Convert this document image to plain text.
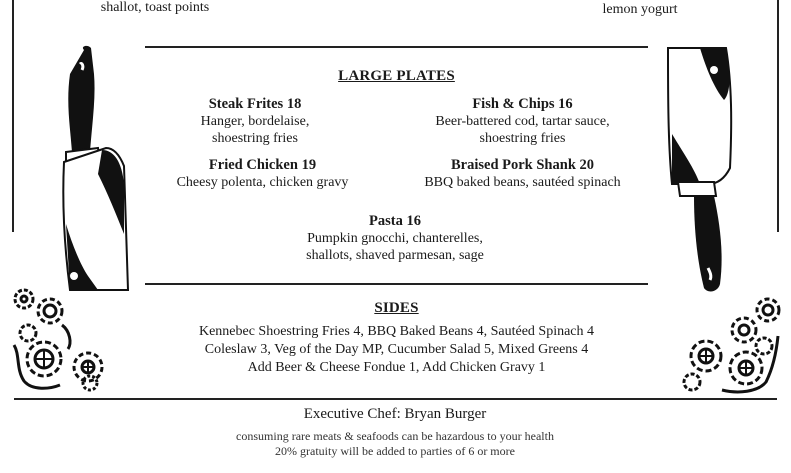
shallot, toast points	lemon yogurt
LARGE PLATES
Steak Frites 18
Hanger, bordelaise,
shoestring fries
Fish & Chips 16
Beer-battered cod, tartar sauce,
shoestring fries
Fried Chicken 19
Cheesy polenta, chicken gravy
Braised Pork Shank 20
BBQ baked beans, sautéed spinach
Pasta 16
Pumpkin gnocchi, chanterelles,
shallots, shaved parmesan, sage
SIDES
Kennebec Shoestring Fries 4, BBQ Baked Beans 4, Sautéed Spinach 4
Coleslaw 3, Veg of the Day MP, Cucumber Salad 5, Mixed Greens 4
Add Beer & Cheese Fondue 1, Add Chicken Gravy 1
Executive Chef: Bryan Burger
consuming rare meats & seafoods can be hazardous to your health
20% gratuity will be added to parties of 6 or more
